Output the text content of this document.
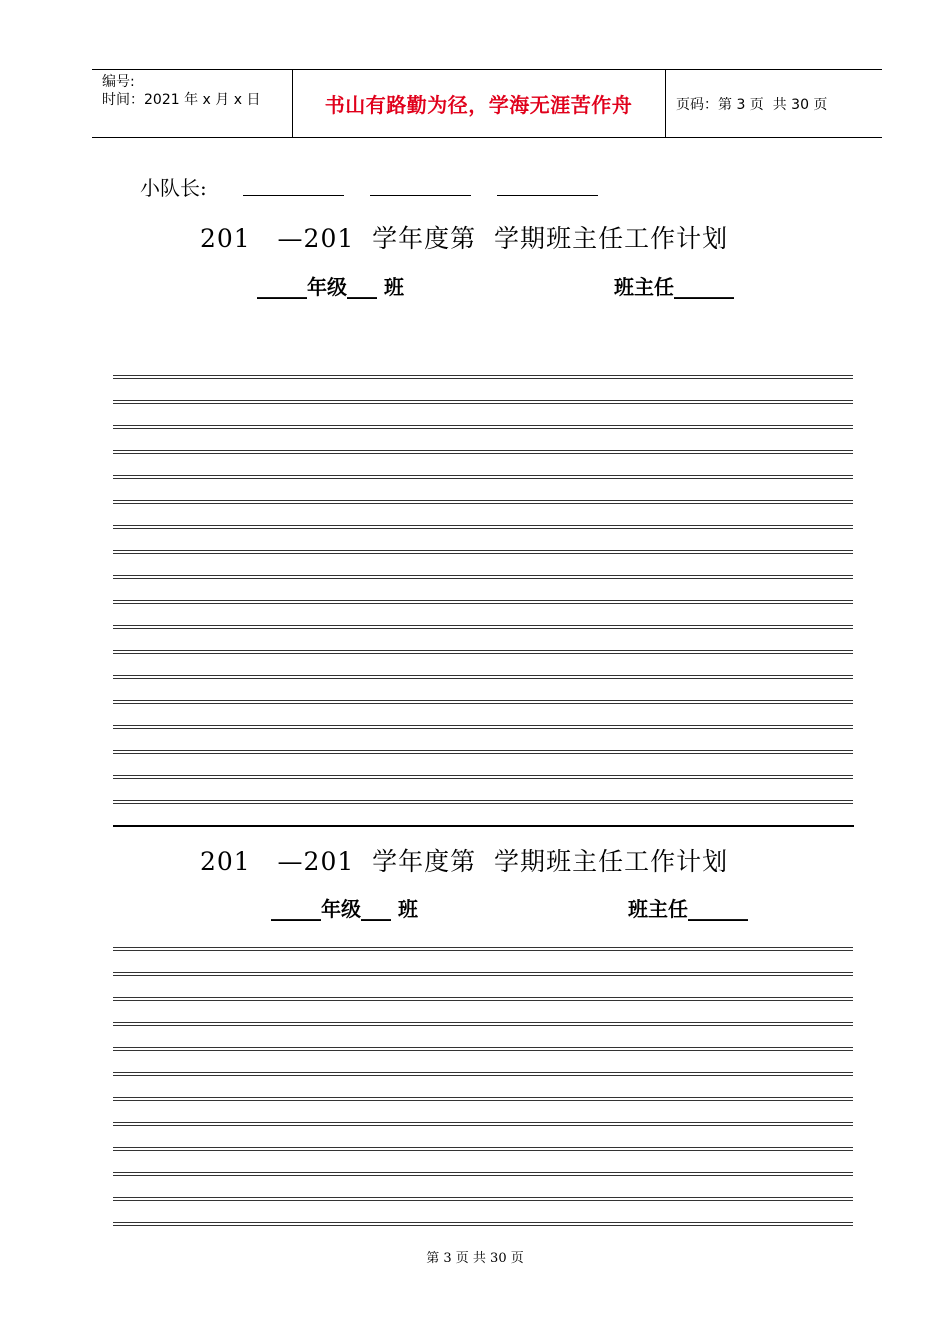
编号:
时间：2021 年 x 月 x 日	书山有路勤为径，学海无涯苦作舟	页码：第 3 页  共 30 页
小队长:
201   —201  学年度第  学期班主任工作计划
_____年级___ 班	班主任______
201   —201  学年度第  学期班主任工作计划
_____年级___ 班	班主任______
第 3 页 共 30 页
